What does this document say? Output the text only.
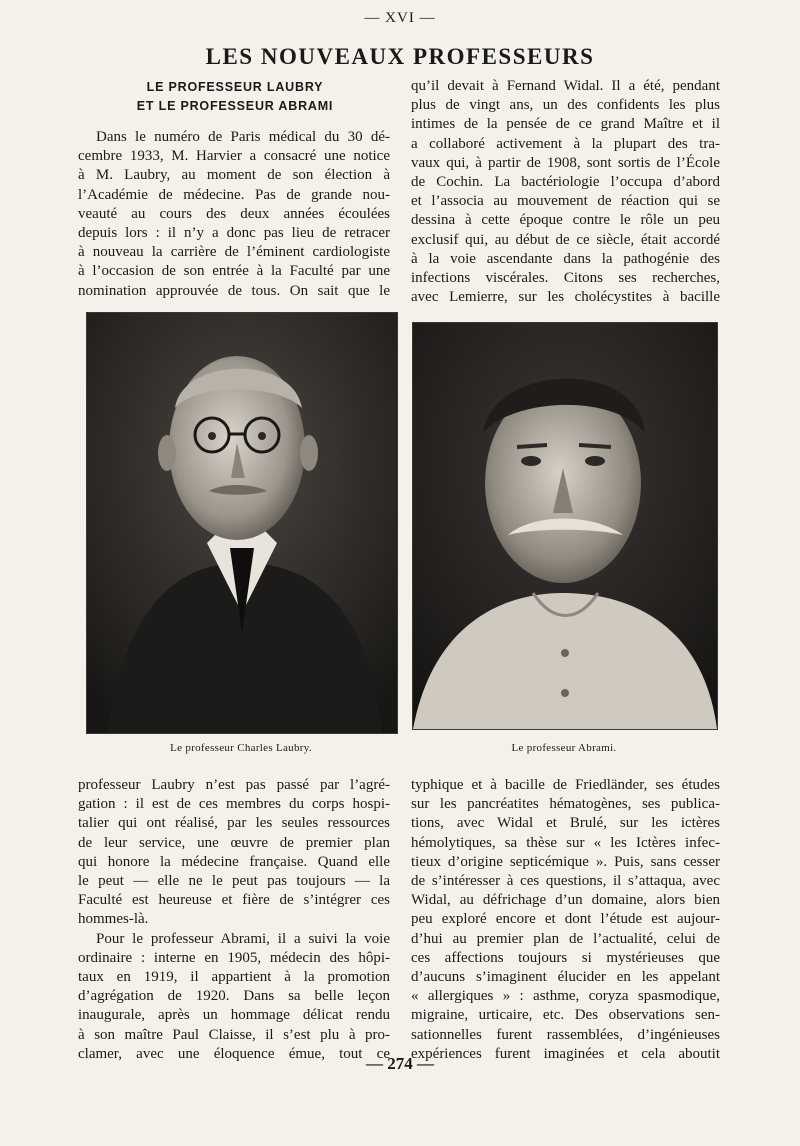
— XVI —
LES NOUVEAUX PROFESSEURS
LE PROFESSEUR LAUBRY
ET LE PROFESSEUR ABRAMI
Dans le numéro de Paris médical du 30 dé-
cembre 1933, M. Harvier a consacré une notice
à M. Laubry, au moment de son élection à
l’Académie de médecine. Pas de grande nou-
veauté au cours des deux années écoulées
depuis lors : il n’y a donc pas lieu de retracer
à nouveau la carrière de l’éminent cardiologiste
à l’occasion de son entrée à la Faculté par une
nomination approuvée de tous. On sait que le
qu’il devait à Fernand Widal. Il a été, pendant
plus de vingt ans, un des confidents les plus
intimes de la pensée de ce grand Maître et il
a collaboré activement à la plupart des tra-
vaux qui, à partir de 1908, sont sortis de l’École
de Cochin. La bactériologie l’occupa d’abord
et l’associa au mouvement de réaction qui se
dessina à cette époque contre le rôle un peu
exclusif qui, au début de ce siècle, était accordé
à la voie ascendante dans la pathogénie des
infections viscérales. Citons ses recherches,
avec Lemierre, sur les cholécystites à bacille
Le professeur Charles Laubry.	Le professeur Abrami.
professeur Laubry n’est pas passé par l’agré-
gation : il est de ces membres du corps hospi-
talier qui ont réalisé, par les seules ressources
de leur service, une œuvre de premier plan
qui honore la médecine française. Quand elle
le peut — elle ne le peut pas toujours — la
Faculté est heureuse et fière de s’intégrer ces
hommes-là.
Pour le professeur Abrami, il a suivi la voie
ordinaire : interne en 1905, médecin des hôpi-
taux en 1919, il appartient à la promotion
d’agrégation de 1920. Dans sa belle leçon
inaugurale, après un hommage délicat rendu
à son maître Paul Claisse, il s’est plu à pro-
clamer, avec une éloquence émue, tout ce
typhique et à bacille de Friedländer, ses études
sur les pancréatites hématogènes, ses publica-
tions, avec Widal et Brulé, sur les ictères
hémolytiques, sa thèse sur « les Ictères infec-
tieux d’origine septicémique ». Puis, sans cesser
de s’intéresser à ces questions, il s’attaqua, avec
Widal, au défrichage d’un domaine, alors bien
peu exploré encore et dont l’étude est aujour-
d’hui au premier plan de l’actualité, celui de
ces affections toujours si mystérieuses que
d’aucuns s’imaginent élucider en les appelant
« allergiques » : asthme, coryza spasmodique,
migraine, urticaire, etc. Des observations sen-
sationnelles furent rassemblées, d’ingénieuses
expériences furent imaginées et cela aboutit
— 274 —
